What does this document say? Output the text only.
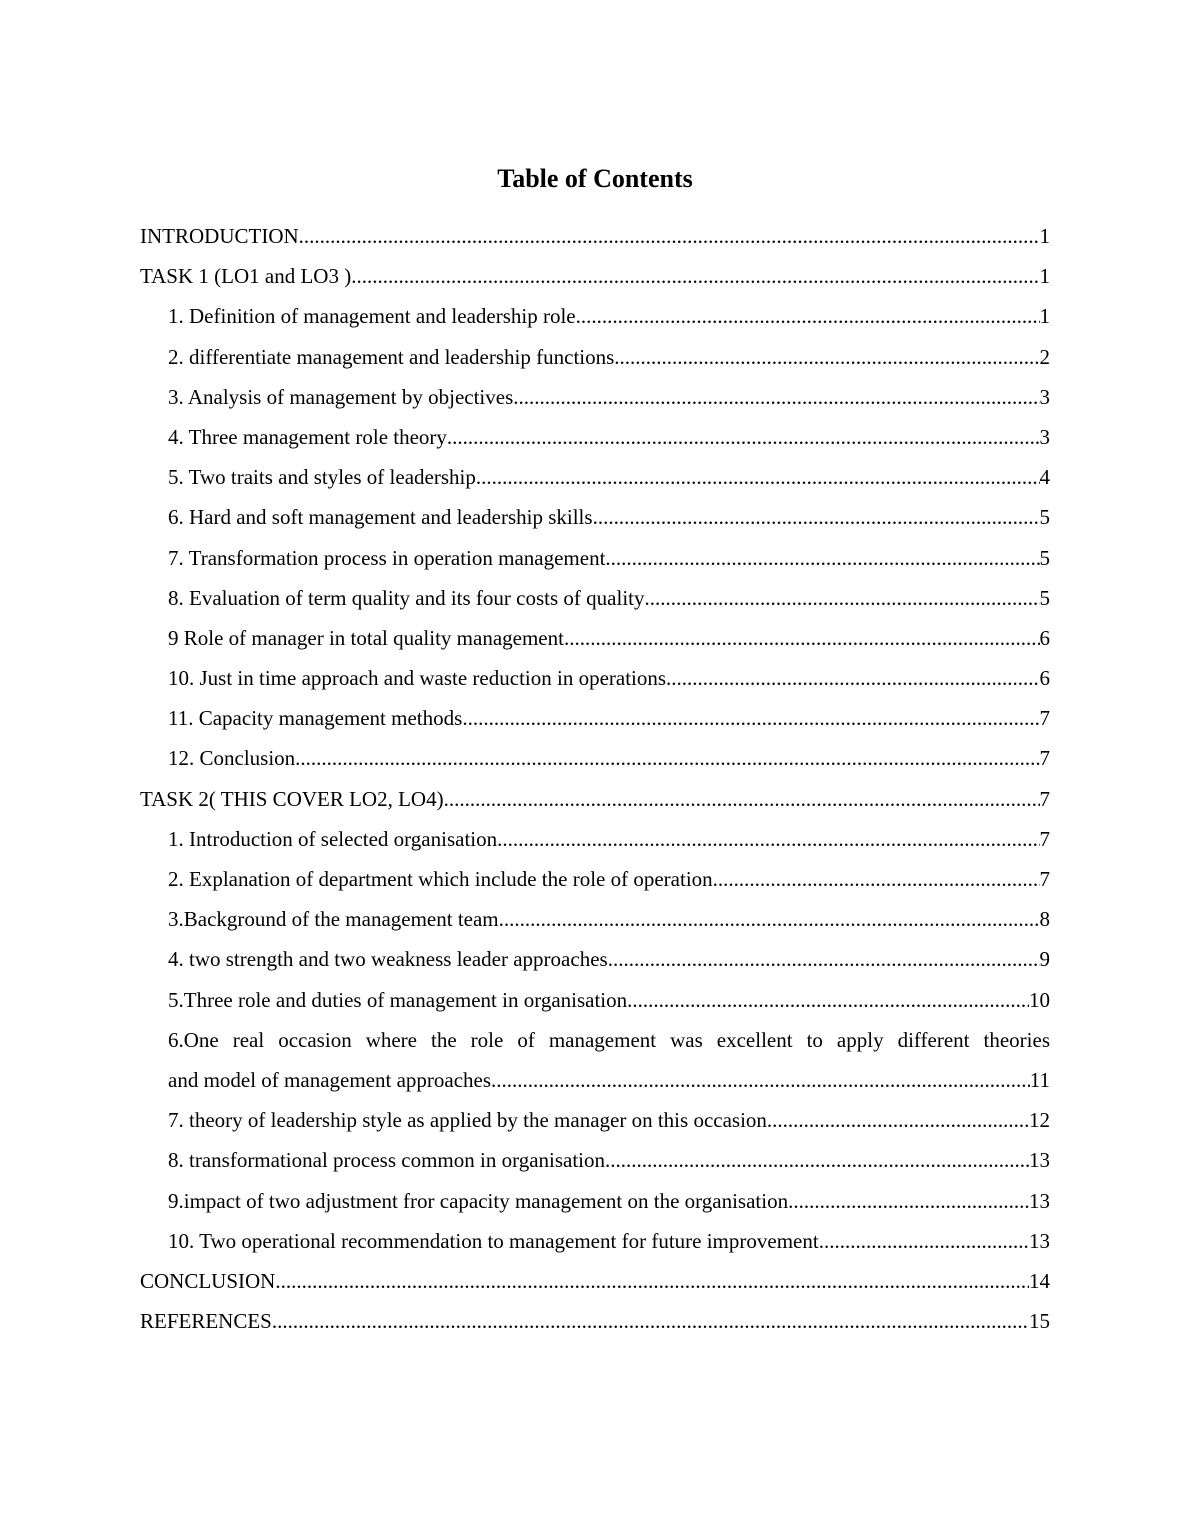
Table of Contents
INTRODUCTION .....	1
TASK 1 (LO1 and LO3 ) .....	1
1. Definition of management and leadership role .....	1
2. differentiate management and leadership functions .....	2
3. Analysis of management by objectives .....	3
4. Three management role theory .....	3
5. Two traits and styles of leadership .....	4
6. Hard and soft management and leadership skills .....	5
7. Transformation process in operation management .....	5
8. Evaluation of term quality and its four costs of quality .....	5
9 Role of manager in total quality management .....	6
10. Just in time approach and waste reduction in operations .....	6
11. Capacity management methods .....	7
12. Conclusion .....	7
TASK 2( THIS COVER LO2, LO4) .....	7
1. Introduction of selected organisation .....	7
2. Explanation of department which include the role of operation .....	7
3.Background of the management team .....	8
4. two strength and two weakness leader approaches .....	9
5.Three role and duties of management in organisation .....	10
6.One real occasion where the role of management was excellent to apply different theories
and model of management approaches .....	11
7. theory of leadership style as applied by the manager on this occasion .....	12
8. transformational process common in organisation .....	13
9.impact of two adjustment fror capacity management on the organisation .....	13
10. Two operational recommendation to management for future improvement .....	13
CONCLUSION .....	14
REFERENCES .....	15
